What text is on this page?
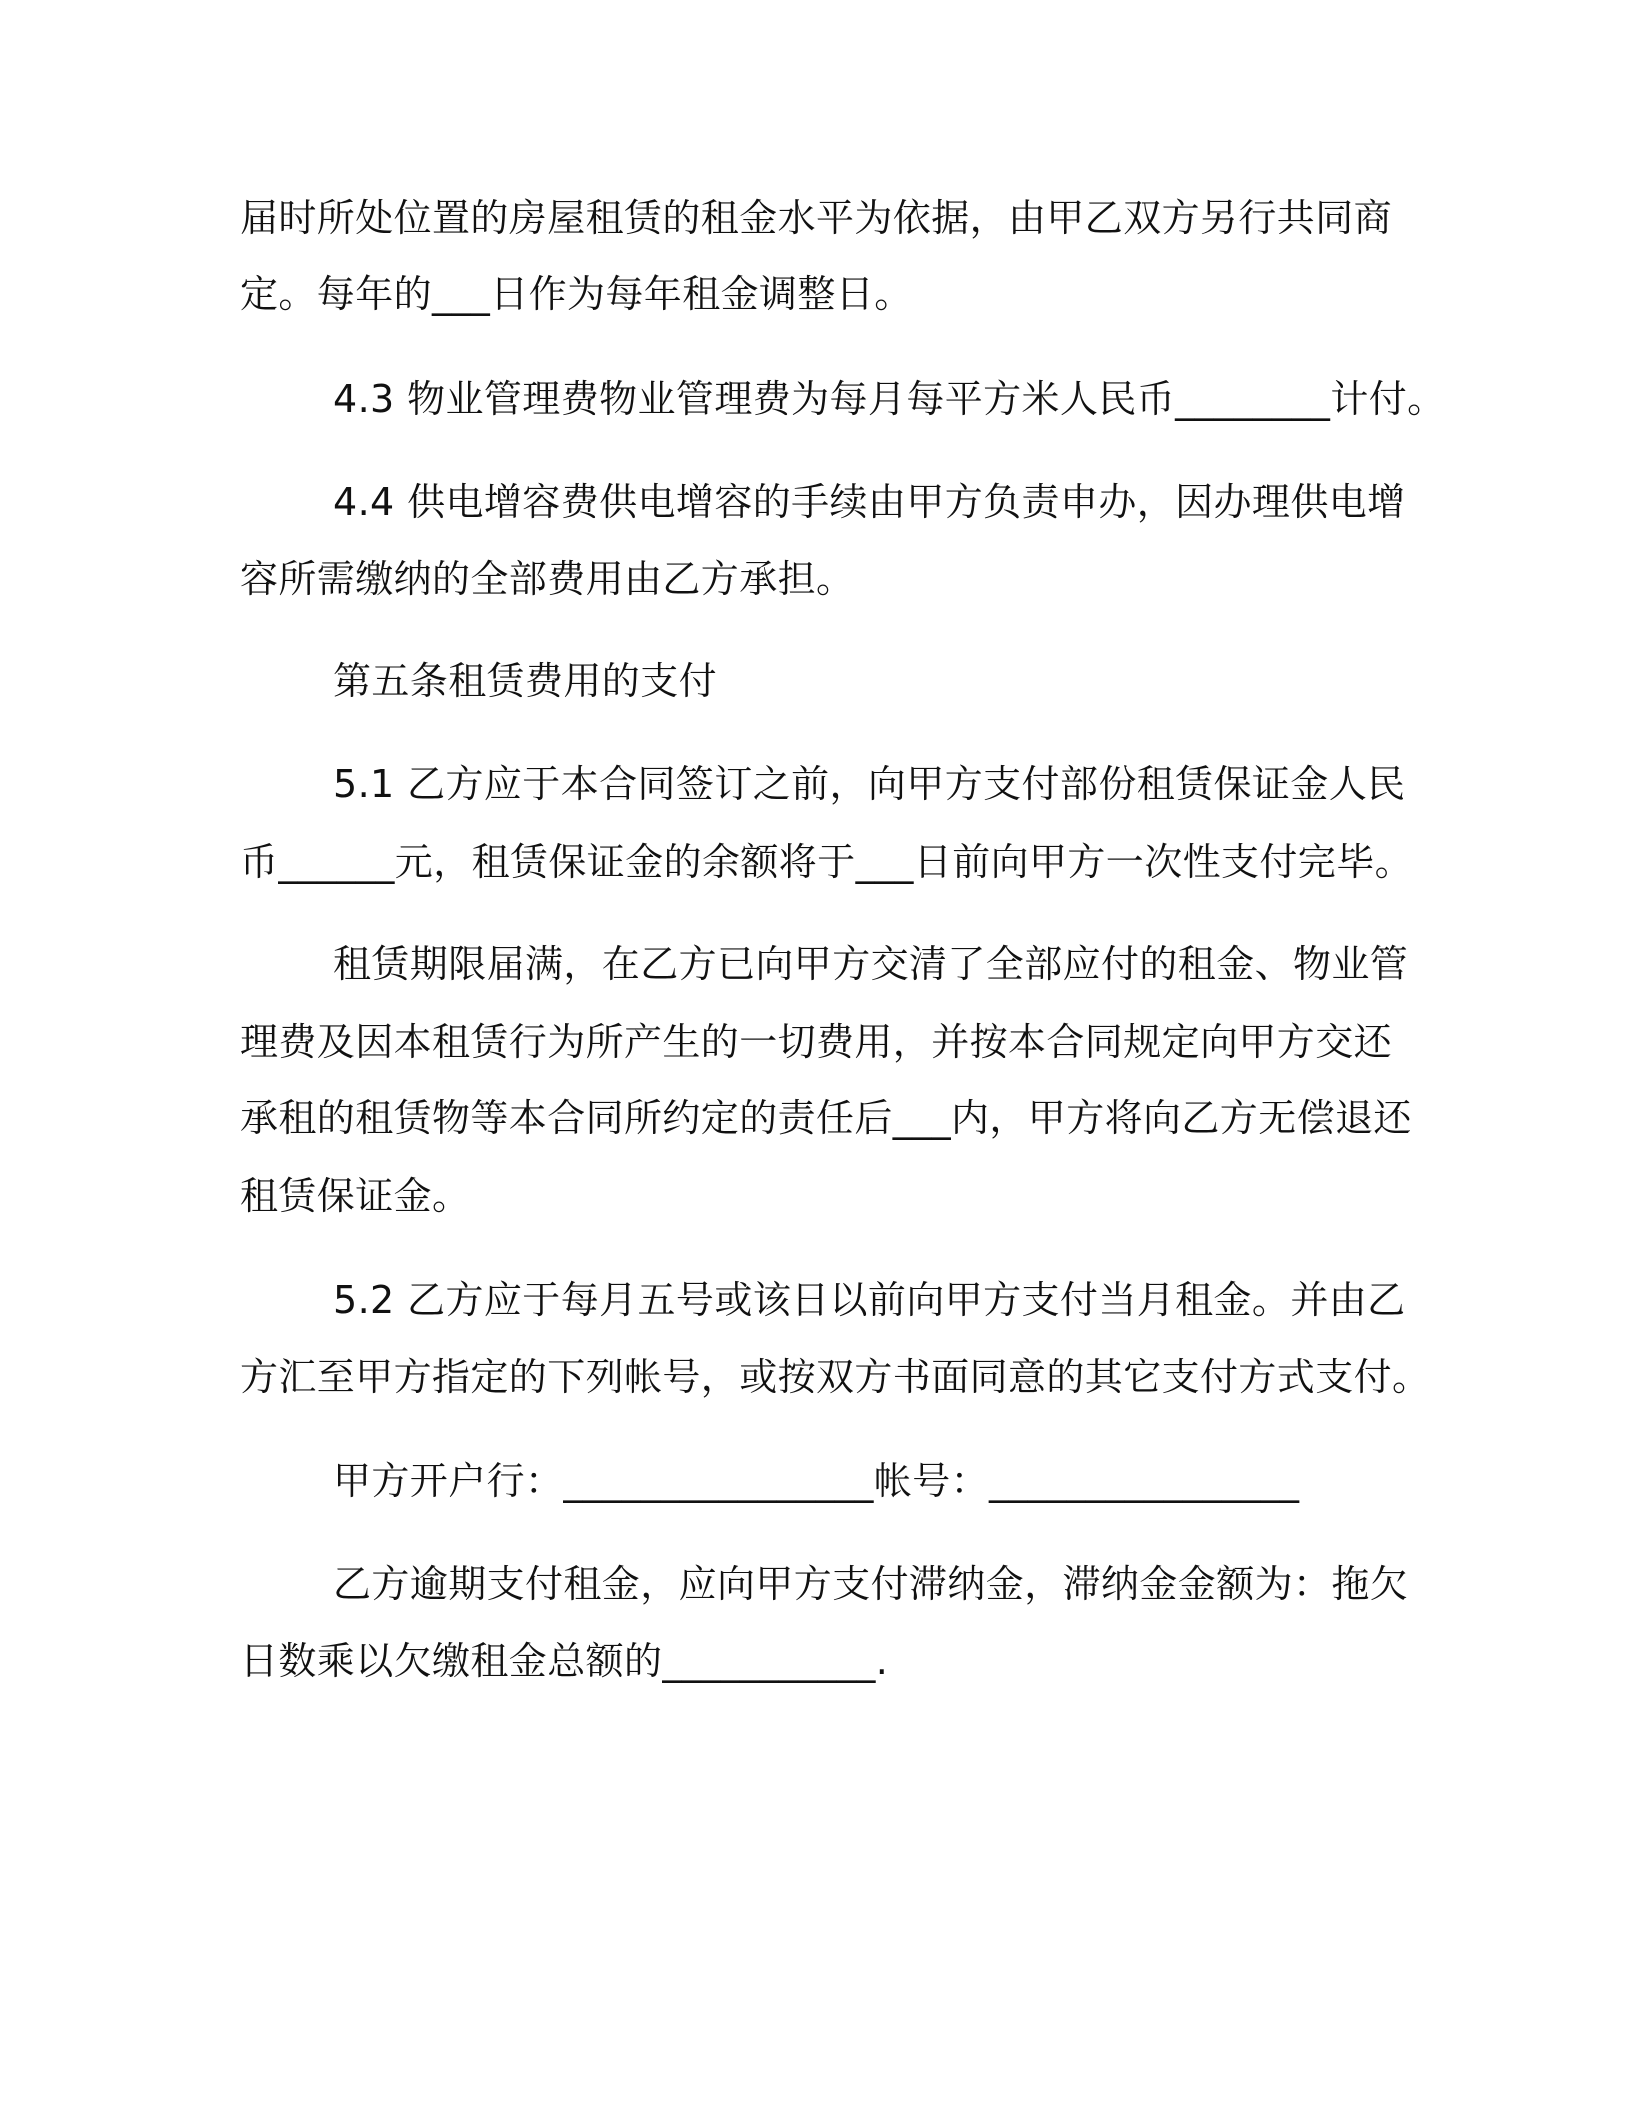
届时所处位置的房屋租赁的租金水平为依据，由甲乙双方另行共同商
定。每年的___日作为每年租金调整日。
4.3 物业管理费物业管理费为每月每平方米人民币________计付。
4.4 供电增容费供电增容的手续由甲方负责申办，因办理供电增
容所需缴纳的全部费用由乙方承担。
第五条租赁费用的支付
5.1 乙方应于本合同签订之前，向甲方支付部份租赁保证金人民
币______元，租赁保证金的余额将于___日前向甲方一次性支付完毕。
租赁期限届满，在乙方已向甲方交清了全部应付的租金、物业管
理费及因本租赁行为所产生的一切费用，并按本合同规定向甲方交还
承租的租赁物等本合同所约定的责任后___内，甲方将向乙方无偿退还
租赁保证金。
5.2 乙方应于每月五号或该日以前向甲方支付当月租金。并由乙
方汇至甲方指定的下列帐号，或按双方书面同意的其它支付方式支付。
甲方开户行：________________帐号：________________
乙方逾期支付租金，应向甲方支付滞纳金，滞纳金金额为：拖欠
日数乘以欠缴租金总额的___________.
